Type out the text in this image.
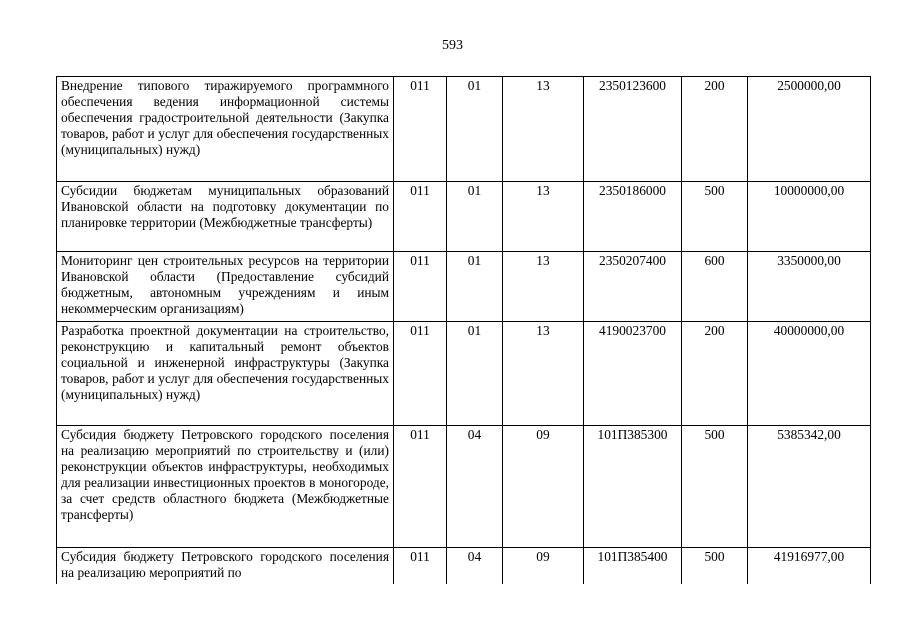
593
Внедрение типового тиражируемого программного обеспечения ведения информационной системы обеспечения градостроительной деятельности (Закупка товаров, работ и услуг для обеспечения государственных (муниципальных) нужд)	011	01	13	2350123600	200	2500000,00
Субсидии бюджетам муниципальных образований Ивановской области на подготовку документации по планировке территории (Межбюджетные трансферты)	011	01	13	2350186000	500	10000000,00
Мониторинг цен строительных ресурсов на территории Ивановской области (Предоставление субсидий бюджетным, автономным учреждениям и иным некоммерческим организациям)	011	01	13	2350207400	600	3350000,00
Разработка проектной документации на строительство, реконструкцию и капитальный ремонт объектов социальной и инженерной инфраструктуры (Закупка товаров, работ и услуг для обеспечения государственных (муниципальных) нужд)	011	01	13	4190023700	200	40000000,00
Субсидия бюджету Петровского городского поселения на реализацию мероприятий по строительству и (или) реконструкции объектов инфраструктуры, необходимых для реализации инвестиционных проектов в моногороде, за счет средств областного бюджета (Межбюджетные трансферты)	011	04	09	101П385300	500	5385342,00
Субсидия бюджету Петровского городского поселения на реализацию мероприятий по	011	04	09	101П385400	500	41916977,00
